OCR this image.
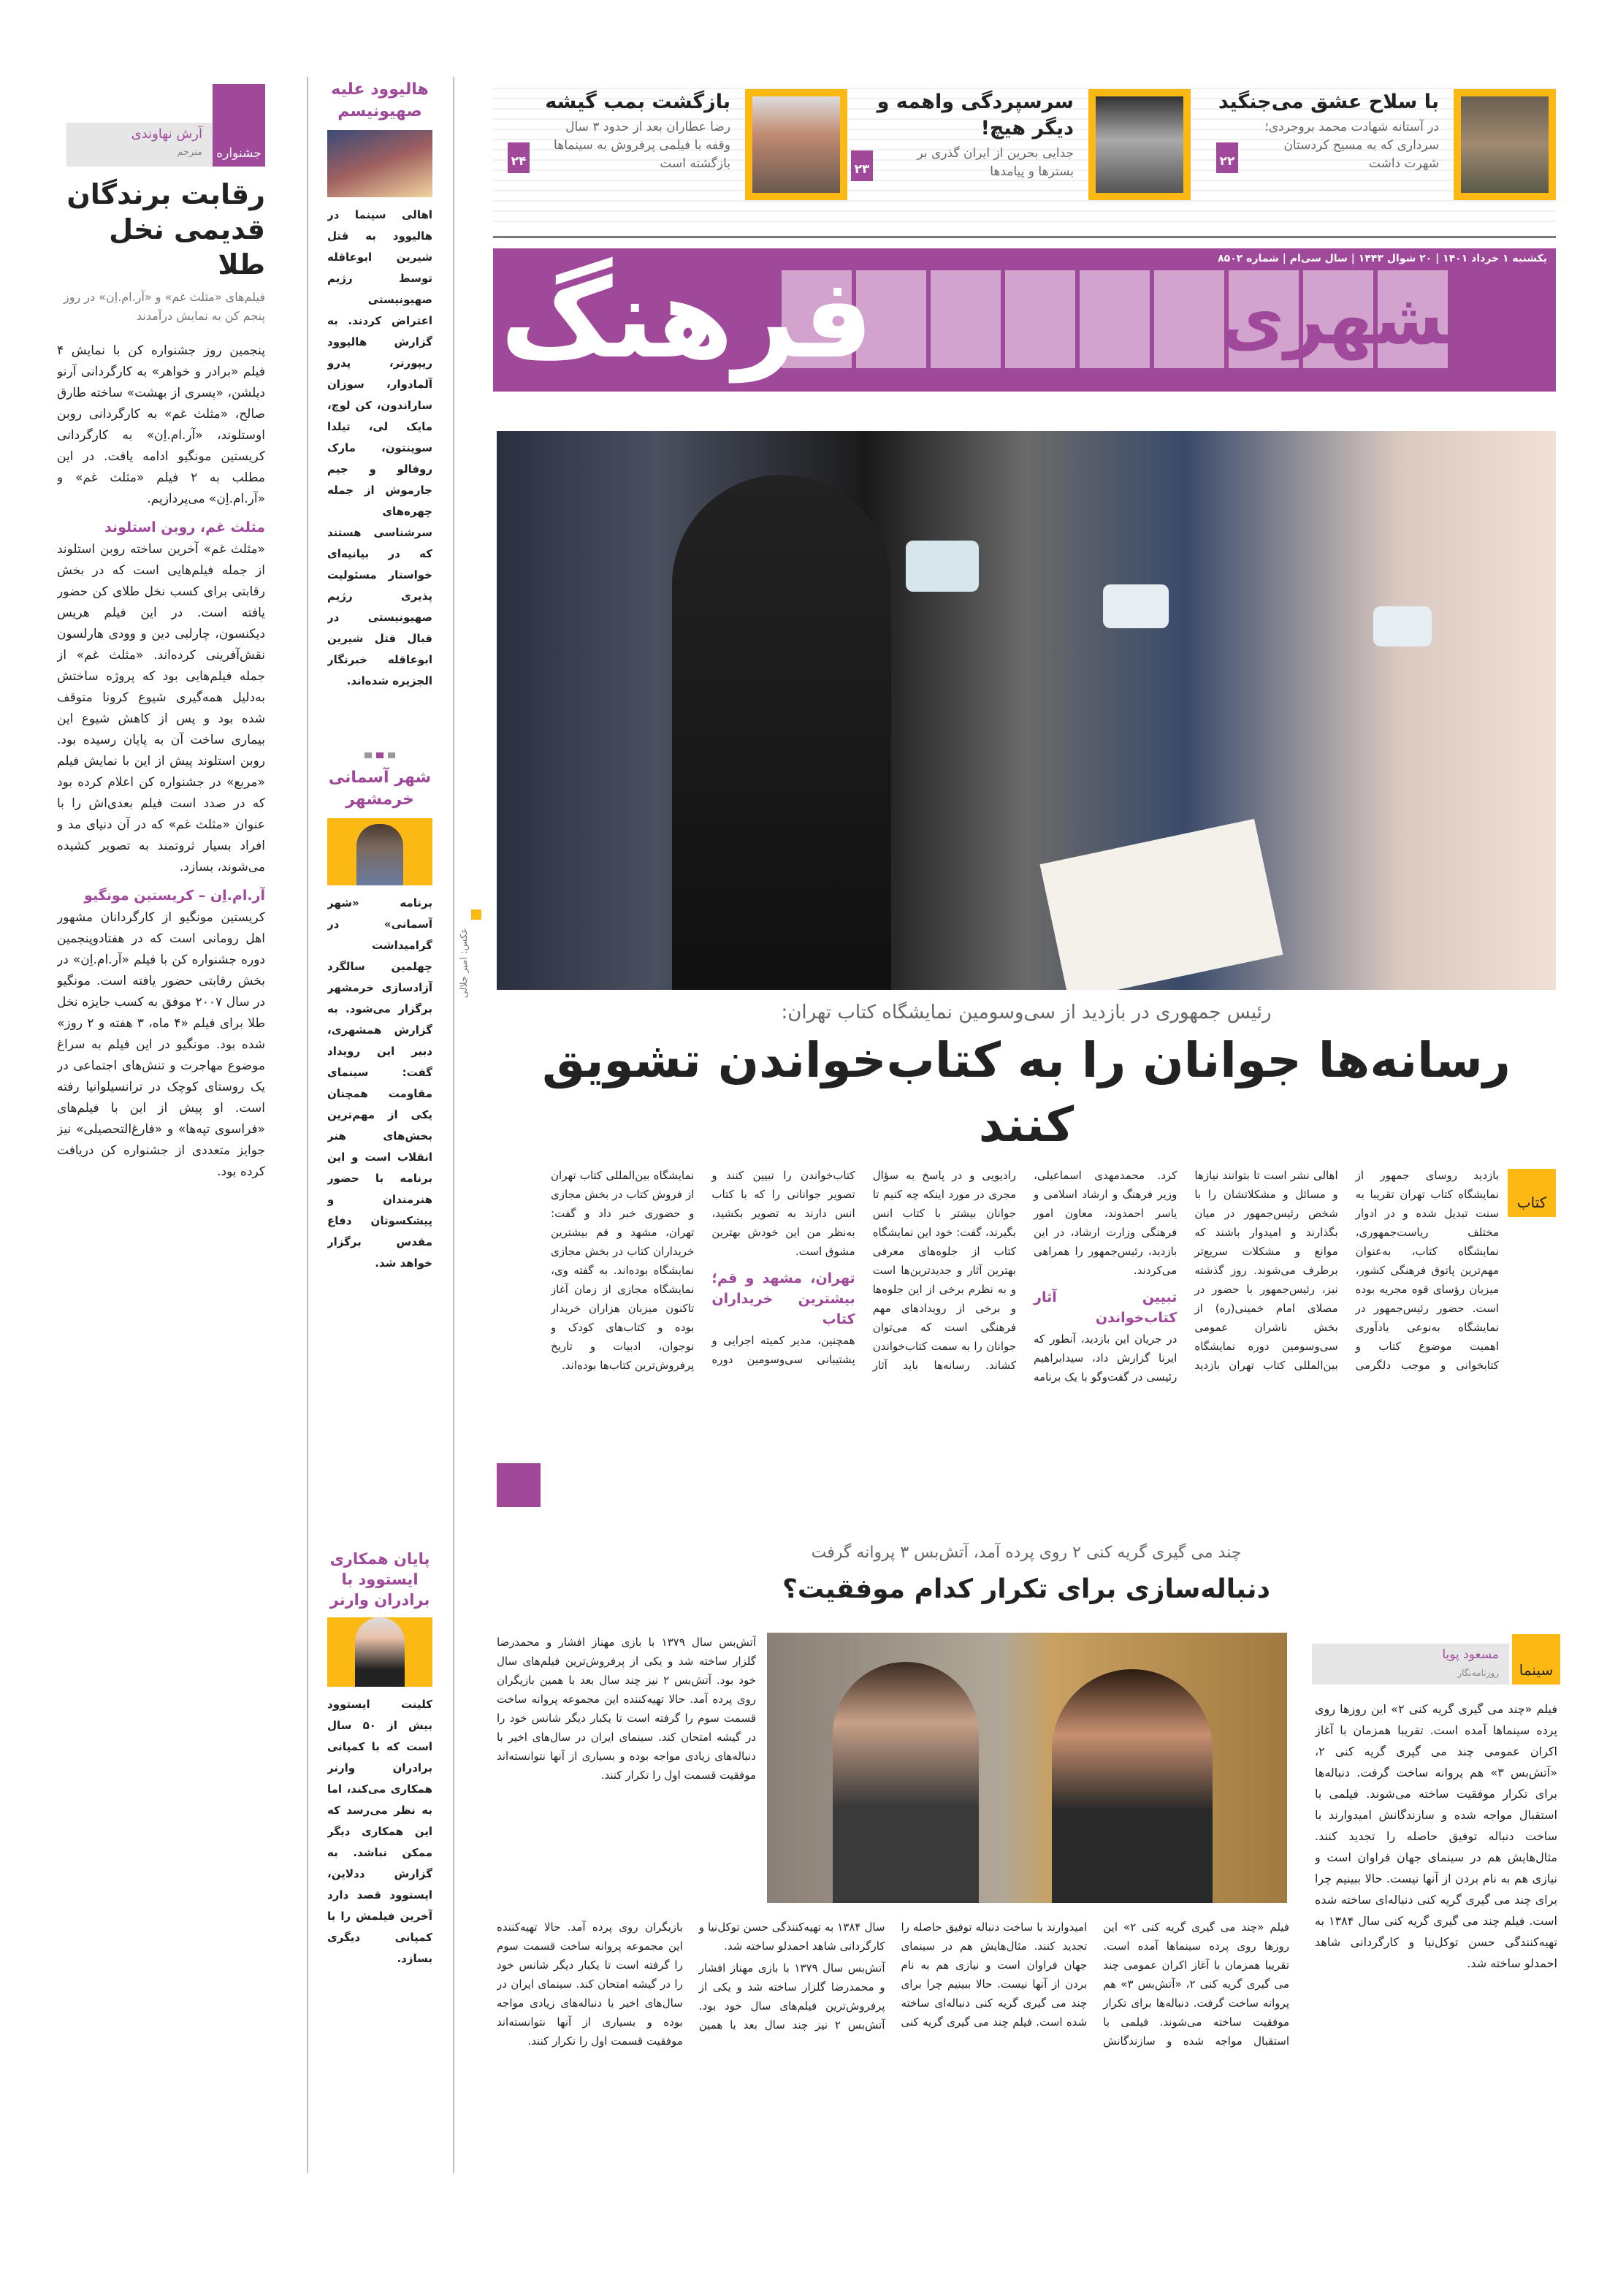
جشنواره
آرش نهاوندی
مترجم
رقابت برندگان قدیمی نخل طلا
فیلم‌های «مثلث غم» و «آر.ام.اِن» در روز پنجم کن به نمایش درآمدند

پنجمین روز جشنواره کن با نمایش ۴ فیلم «برادر و خواهر» به کارگردانی آرنو دپلشن، «پسری از بهشت» ساخته طارق صالح، «مثلث غم» به کارگردانی روبن اوستلوند، «آر.ام.اِن» به کارگردانی کریستین مونگیو ادامه یافت. در این مطلب به ۲ فیلم «مثلث غم» و «آر.ام.اِن» می‌پردازیم.

مثلث غم، روبن استلوند

«مثلث غم» آخرین ساخته روبن استلوند از جمله فیلم‌هایی است که در بخش رقابتی برای کسب نخل طلای کن حضور یافته است. در این فیلم هریس دیکنسون، چارلبی دین و وودی هارلسون نقش‌آفرینی کرده‌اند. «مثلث غم» از جمله فیلم‌هایی بود که پروژه ساختش به‌دلیل همه‌گیری شیوع کرونا متوقف شده بود و پس از کاهش شیوع این بیماری ساخت آن به پایان رسیده بود. روبن استلوند پیش از این با نمایش فیلم «مربع» در جشنواره کن اعلام کرده بود که در صدد است فیلم بعدی‌اش را با عنوان «مثلث غم» که در آن دنیای مد و افراد بسیار ثروتمند به تصویر کشیده می‌شوند، بسازد.

آر.ام.اِن – کریستین مونگیو

کریستین مونگیو از کارگردانان مشهور اهل رومانی است که در هفتادوپنجمین دوره جشنواره کن با فیلم «آر.ام.اِن» در بخش رقابتی حضور یافته است. مونگیو در سال ۲۰۰۷ موفق به کسب جایزه نخل طلا برای فیلم «۴ ماه، ۳ هفته و ۲ روز» شده بود. مونگیو در این فیلم به سراغ موضوع مهاجرت و تنش‌های اجتماعی در یک روستای کوچک در ترانسیلوانیا رفته است. او پیش از این با فیلم‌های «فراسوی تپه‌ها» و «فارغ‌التحصیلی» نیز جوایز متعددی از جشنواره کن دریافت کرده بود.

هالیوود علیه صهیونیسم
اهالی سینما در هالیوود به قتل شیرین ابوعاقله توسط رژیم صهیونیستی اعتراض کردند. به گزارش هالیوود ریپورتر، پدرو آلمادوار، سوزان ساراندون، کن لوچ، مایک لی، تیلدا سوینتون، مارک روفالو و جیم جارموش از جمله چهره‌های سرشناسی هستند که در بیانیه‌ای خواستار مسئولیت پذیری رژیم صهیونیستی در قبال قتل شیرین ابوعاقله خبرنگار الجزیره شده‌اند.
شهر آسمانی خرمشهر
برنامه «شهر آسمانی» در گرامیداشت چهلمین سالگرد آزادسازی خرمشهر برگزار می‌شود. به گزارش همشهری، دبیر این رویداد گفت: سینمای مقاومت همچنان یکی از مهم‌ترین بخش‌های هنر انقلاب است و این برنامه با حضور هنرمندان و پیشکسوتان دفاع مقدس برگزار خواهد شد.
پایان همکاری ایستوود با برادران وارنر
کلینت ایستوود بیش از ۵۰ سال است که با کمپانی برادران وارنر همکاری می‌کند، اما به نظر می‌رسد که این همکاری دیگر ممکن نباشد. به گزارش ددلاین، ایستوود قصد دارد آخرین فیلمش را با کمپانی دیگری بسازد.
با سلاح عشق می‌جنگید
در آستانه شهادت محمد بروجردی؛ سرداری که به مسیح کردستان شهرت داشت
۲۲
سرسپردگی واهمه و دیگر هیچ!
جدایی بحرین از ایران گذری بر بسترها و پیامدها
۲۳
بازگشت بمب گیشه
رضا عطاران بعد از حدود ۳ سال وقفه با فیلمی پرفروش به سینماها بازگشته است
۲۴
یکشنبه ۱ خرداد ۱۴۰۱ | ۲۰ شوال ۱۴۴۳ | سال سی‌ام | شماره ۸۵۰۲
همشهری
فرهنگ
عکس: امیر جلالی
رئیس جمهوری در بازدید از سی‌وسومین نمایشگاه کتاب تهران:
رسانه‌ها جوانان را به کتاب‌خواندن تشویق کنند
کتاب

بازدید روسای جمهور از نمایشگاه کتاب تهران تقریبا به سنت تبدیل شده و در ادوار مختلف ریاست‌جمهوری، نمایشگاه کتاب، به‌عنوان مهم‌ترین پاتوق فرهنگی کشور، میزبان رؤسای قوه مجریه بوده است. حضور رئیس‌جمهور در نمایشگاه به‌نوعی یادآوری اهمیت موضوع کتاب و کتابخوانی و موجب دلگرمی اهالی نشر است تا بتوانند نیازها و مسائل و مشکلاتشان را با شخص رئیس‌جمهور در میان بگذارند و امیدوار باشند که موانع و مشکلات سریع‌تر برطرف می‌شوند. روز گذشته نیز، رئیس‌جمهور با حضور در مصلای امام خمینی(ره) از بخش ناشران عمومی سی‌وسومین دوره نمایشگاه بین‌المللی کتاب تهران بازدید کرد. محمدمهدی اسماعیلی، وزیر فرهنگ و ارشاد اسلامی و یاسر احمدوند، معاون امور فرهنگی وزارت ارشاد، در این بازدید، رئیس‌جمهور را همراهی می‌کردند.

تبیین آثار کتاب‌خواندن

در جریان این بازدید، آنطور که ایرنا گزارش داد، سیدابراهیم رئیسی در گفت‌وگو با یک برنامه رادیویی و در پاسخ به سؤال مجری در مورد اینکه چه کنیم تا جوانان بیشتر با کتاب انس بگیرند، گفت: خود این نمایشگاه کتاب از جلوه‌های معرفی بهترین آثار و جدیدترین‌ها است و به نظرم برخی از این جلوه‌ها و برخی از رویدادهای مهم فرهنگی است که می‌توان جوانان را به سمت کتاب‌خواندن کشاند. رسانه‌ها باید آثار کتاب‌خواندن را تبیین کنند و تصویر جوانانی را که با کتاب انس دارند به تصویر بکشید، به‌نظر من این خودش بهترین مشوق است.

تهران، مشهد و قم؛ بیشترین خریداران کتاب

همچنین، مدیر کمیته اجرایی و پشتیبانی سی‌وسومین دوره نمایشگاه بین‌المللی کتاب تهران از فروش کتاب در بخش مجازی و حضوری خبر داد و گفت: تهران، مشهد و قم بیشترین خریداران کتاب در بخش مجازی نمایشگاه بوده‌اند. به گفته وی، نمایشگاه مجازی از زمان آغاز تاکنون میزبان هزاران خریدار بوده و کتاب‌های کودک و نوجوان، ادبیات و تاریخ پرفروش‌ترین کتاب‌ها بوده‌اند.

چند می گیری گریه کنی ۲ روی پرده آمد، آتش‌بس ۳ پروانه گرفت
دنباله‌سازی برای تکرار کدام موفقیت؟
مسعود پویا
روزنامه‌نگار	سینما
فیلم «چند می گیری گریه کنی ۲» این روزها روی پرده سینماها آمده است. تقریبا همزمان با آغاز اکران عمومی چند می گیری گریه کنی ۲، «آتش‌بس ۳» هم پروانه ساخت گرفت. دنباله‌ها برای تکرار موفقیت ساخته می‌شوند. فیلمی با استقبال مواجه شده و سازندگانش امیدوارند با ساخت دنباله توفیق حاصله را تجدید کنند. مثال‌هایش هم در سینمای جهان فراوان است و نیازی هم به نام بردن از آنها نیست. حالا ببینیم چرا برای چند می گیری گریه کنی دنباله‌ای ساخته شده است. فیلم چند می گیری گریه کنی سال ۱۳۸۴ به تهیه‌کنندگی حسن توکل‌نیا و کارگردانی شاهد احمدلو ساخته شد.
آتش‌بس سال ۱۳۷۹ با بازی مهناز افشار و محمدرضا گلزار ساخته شد و یکی از پرفروش‌ترین فیلم‌های سال خود بود. آتش‌بس ۲ نیز چند سال بعد با همین بازیگران روی پرده آمد. حالا تهیه‌کننده این مجموعه پروانه ساخت قسمت سوم را گرفته است تا یکبار دیگر شانس خود را در گیشه امتحان کند. سینمای ایران در سال‌های اخیر با دنباله‌های زیادی مواجه بوده و بسیاری از آنها نتوانسته‌اند موفقیت قسمت اول را تکرار کنند.

فیلم «چند می گیری گریه کنی ۲» این روزها روی پرده سینماها آمده است. تقریبا همزمان با آغاز اکران عمومی چند می گیری گریه کنی ۲، «آتش‌بس ۳» هم پروانه ساخت گرفت. دنباله‌ها برای تکرار موفقیت ساخته می‌شوند. فیلمی با استقبال مواجه شده و سازندگانش امیدوارند با ساخت دنباله توفیق حاصله را تجدید کنند. مثال‌هایش هم در سینمای جهان فراوان است و نیازی هم به نام بردن از آنها نیست. حالا ببینیم چرا برای چند می گیری گریه کنی دنباله‌ای ساخته شده است. فیلم چند می گیری گریه کنی سال ۱۳۸۴ به تهیه‌کنندگی حسن توکل‌نیا و کارگردانی شاهد احمدلو ساخته شد.

آتش‌بس سال ۱۳۷۹ با بازی مهناز افشار و محمدرضا گلزار ساخته شد و یکی از پرفروش‌ترین فیلم‌های سال خود بود. آتش‌بس ۲ نیز چند سال بعد با همین بازیگران روی پرده آمد. حالا تهیه‌کننده این مجموعه پروانه ساخت قسمت سوم را گرفته است تا یکبار دیگر شانس خود را در گیشه امتحان کند. سینمای ایران در سال‌های اخیر با دنباله‌های زیادی مواجه بوده و بسیاری از آنها نتوانسته‌اند موفقیت قسمت اول را تکرار کنند.
